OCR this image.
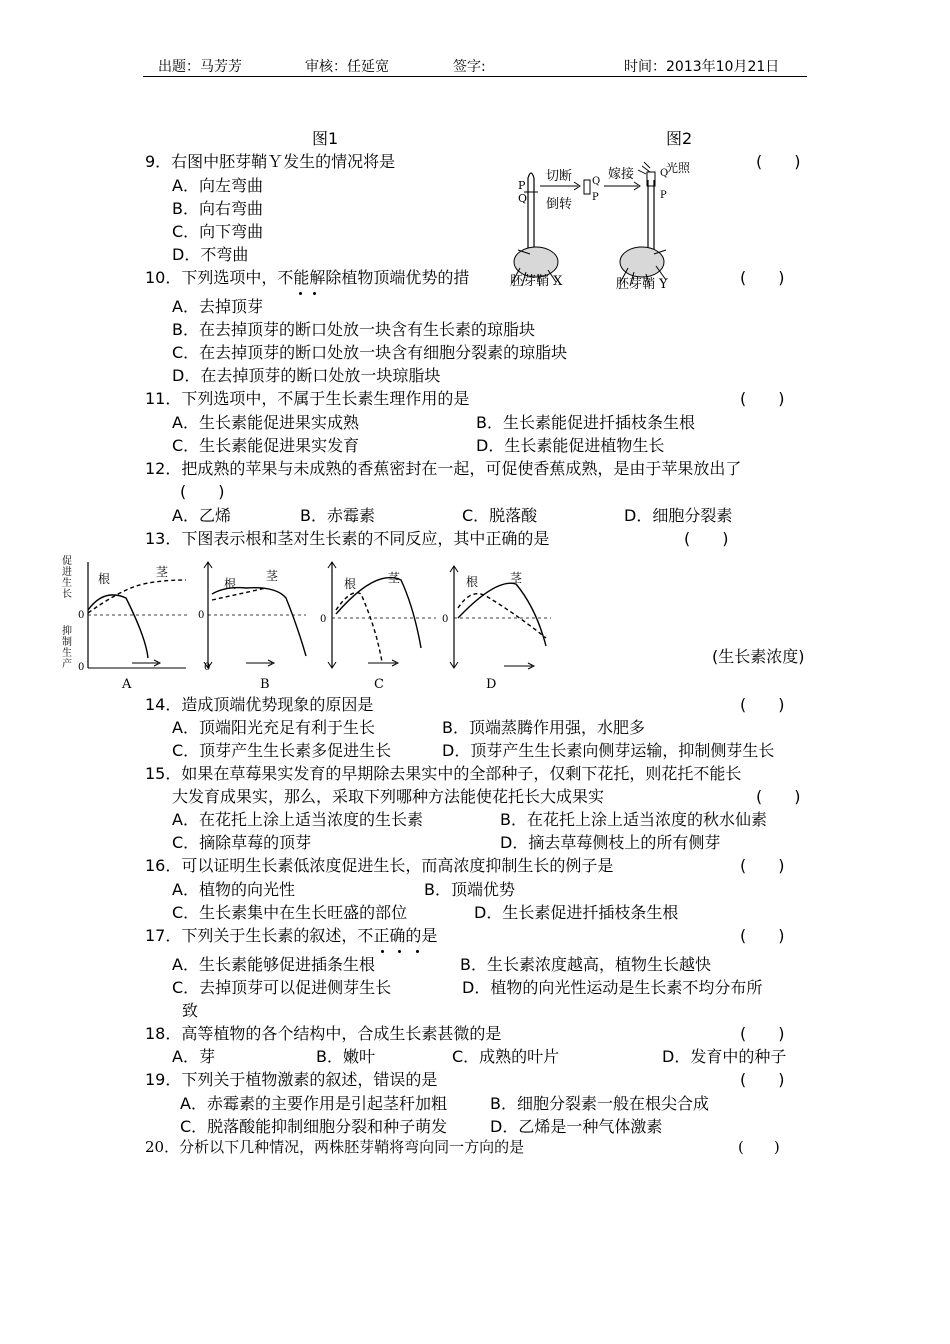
出题：马芳芳	审核：任延宽	签字:	时间：2013年10月21日
图1	图2
P
Q
切断
倒转
Q
P
嫁接	Q
P
光照
胚芽鞘 X	胚芽鞘 Y
9．右图中胚芽鞘Ｙ发生的情况将是	(　　)
A．向左弯曲
B．向右弯曲
C．向下弯曲
D．不弯曲
10．下列选项中，不能解除植物顶端优势的措	(　　)
A．去掉顶芽
B．在去掉顶芽的断口处放一块含有生长素的琼脂块
C．在去掉顶芽的断口处放一块含有细胞分裂素的琼脂块
D．在去掉顶芽的断口处放一块琼脂块
11．下列选项中，不属于生长素生理作用的是	(　　)
A．生长素能促进果实成熟	B．生长素能促进扦插枝条生根
C．生长素能促进果实发育	D．生长素能促进植物生长
12．把成熟的苹果与未成熟的香蕉密封在一起，可促使香蕉成熟，是由于苹果放出了
(　　)
A．乙烯	B．赤霉素	C．脱落酸	D．细胞分裂素
13．下图表示根和茎对生长素的不同反应，其中正确的是	(　　)
(生长素浓度)
促进生长
抑制生产
根	茎
0
0
A
根
茎
0
0
B
根	茎
0
C
根	茎
0
D
14．造成顶端优势现象的原因是	(　　)
A．顶端阳光充足有利于生长	B．顶端蒸腾作用强，水肥多
C．顶芽产生生长素多促进生长	D．顶芽产生生长素向侧芽运输，抑制侧芽生长
15．如果在草莓果实发育的早期除去果实中的全部种子，仅剩下花托，则花托不能长
大发育成果实，那么，采取下列哪种方法能使花托长大成果实	(　　)
A．在花托上涂上适当浓度的生长素	B．在花托上涂上适当浓度的秋水仙素
C．摘除草莓的顶芽	D．摘去草莓侧枝上的所有侧芽
16．可以证明生长素低浓度促进生长，而高浓度抑制生长的例子是	(　　)
A．植物的向光性	B．顶端优势
C．生长素集中在生长旺盛的部位	D．生长素促进扦插枝条生根
17．下列关于生长素的叙述，不正确的是	(　　)
A．生长素能够促进插条生根	B．生长素浓度越高，植物生长越快
C．去掉顶芽可以促进侧芽生长	D．植物的向光性运动是生长素不均分布所
致
18．高等植物的各个结构中，合成生长素甚微的是	(　　)
A．芽	B．嫩叶	C．成熟的叶片	D．发育中的种子
19．下列关于植物激素的叙述，错误的是	(　　)
A．赤霉素的主要作用是引起茎秆加粗	B．细胞分裂素一般在根尖合成
C．脱落酸能抑制细胞分裂和种子萌发	D．乙烯是一种气体激素
20．分析以下几种情况，两株胚芽鞘将弯向同一方向的是	(　　)
